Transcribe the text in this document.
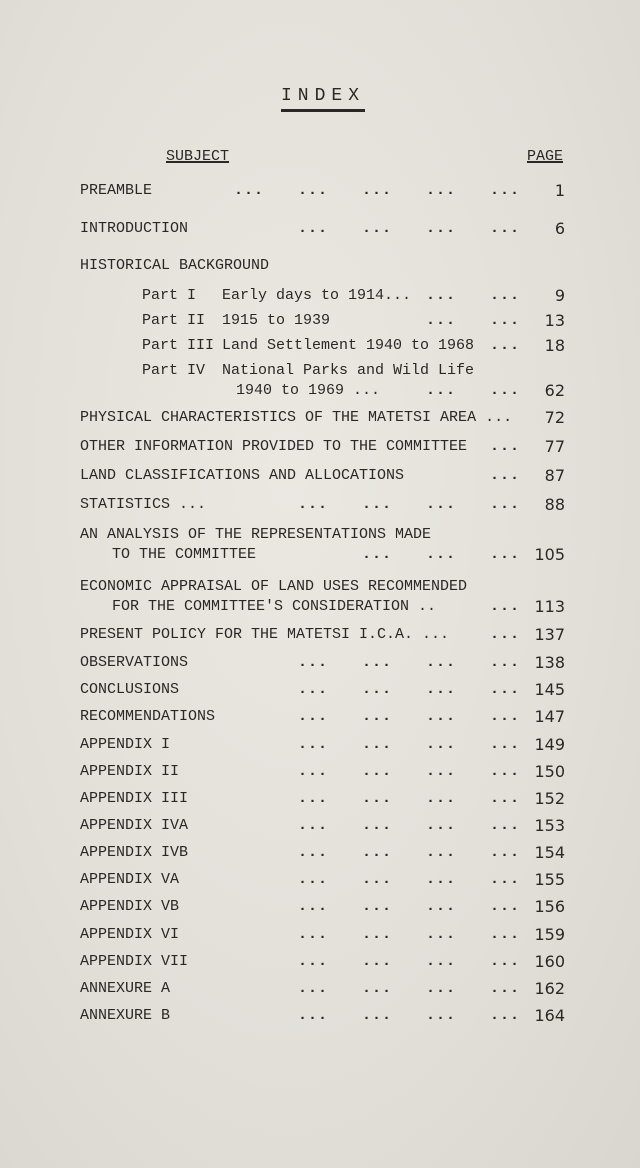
INDEX
SUBJECT	PAGE
... ... ... ... ...
PREAMBLE	1
... ... ... ...
INTRODUCTION	6
HISTORICAL BACKGROUND
... ...
Part I Early days to 1914...	9
... ...
Part II 1915 to 1939	13
...
Part III Land Settlement 1940 to 1968	18
Part IV National Parks and Wild Life
... ...
1940 to 1969 ...	62
PHYSICAL CHARACTERISTICS OF THE MATETSI AREA ...	72
...
OTHER INFORMATION PROVIDED TO THE COMMITTEE	77
...
LAND CLASSIFICATIONS AND ALLOCATIONS	87
... ... ... ...
STATISTICS ...	88
AN ANALYSIS OF THE REPRESENTATIONS MADE
... ... ...
TO THE COMMITTEE	105
ECONOMIC APPRAISAL OF LAND USES RECOMMENDED
...
FOR THE COMMITTEE'S CONSIDERATION ..	113
...
PRESENT POLICY FOR THE MATETSI I.C.A. ...	137
... ... ... ...
OBSERVATIONS	138
... ... ... ...
CONCLUSIONS	145
... ... ... ...
RECOMMENDATIONS	147
... ... ... ...
APPENDIX I	149
... ... ... ...
APPENDIX II	150
... ... ... ...
APPENDIX III	152
... ... ... ...
APPENDIX IVA	153
... ... ... ...
APPENDIX IVB	154
... ... ... ...
APPENDIX VA	155
... ... ... ...
APPENDIX VB	156
... ... ... ...
APPENDIX VI	159
... ... ... ...
APPENDIX VII	160
... ... ... ...
ANNEXURE A	162
... ... ... ...
ANNEXURE B	164
